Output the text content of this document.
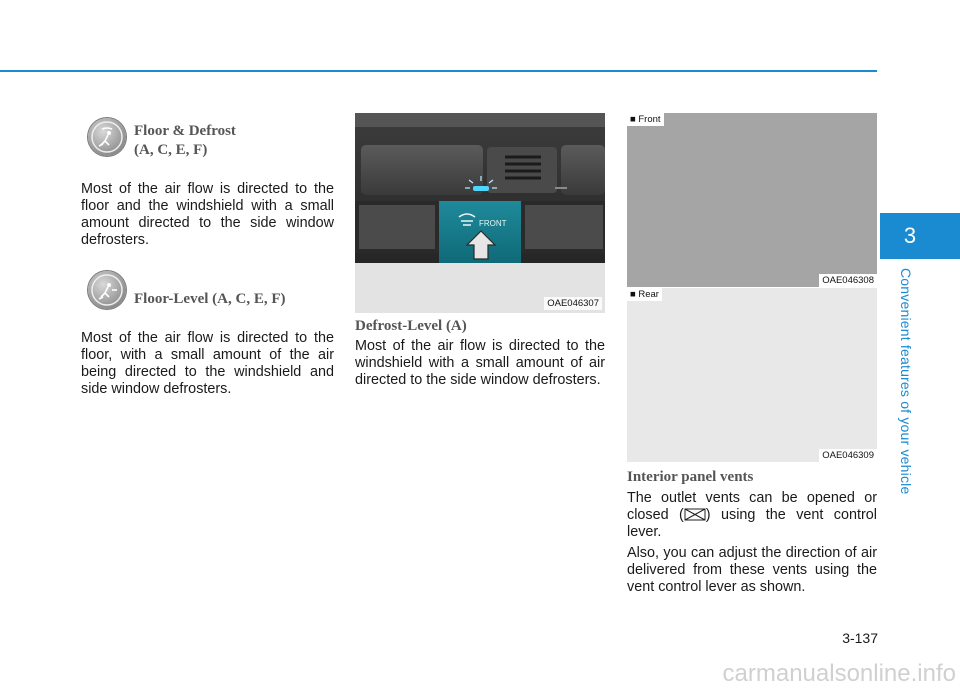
3
Convenient features of your vehicle
Floor & Defrost
(A, C, E, F)
Most of the air flow is directed to the floor and the windshield with a small amount directed to the side window defrosters.
Floor-Level (A, C, E, F)
Most of the air flow is directed to the floor, with a small amount of the air being directed to the windshield and side window defrosters.
FRONT
OAE046307
Defrost-Level (A)
Most of the air flow is directed to the windshield with a small amount of air directed to the side window defrosters.
■ Front
OAE046308
■ Rear
OAE046309
Interior panel vents
The outlet vents can be opened or closed ( ) using the vent control lever.
Also, you can adjust the direction of air delivered from these vents using the vent control lever as shown.
3-137
carmanualsonline.info
